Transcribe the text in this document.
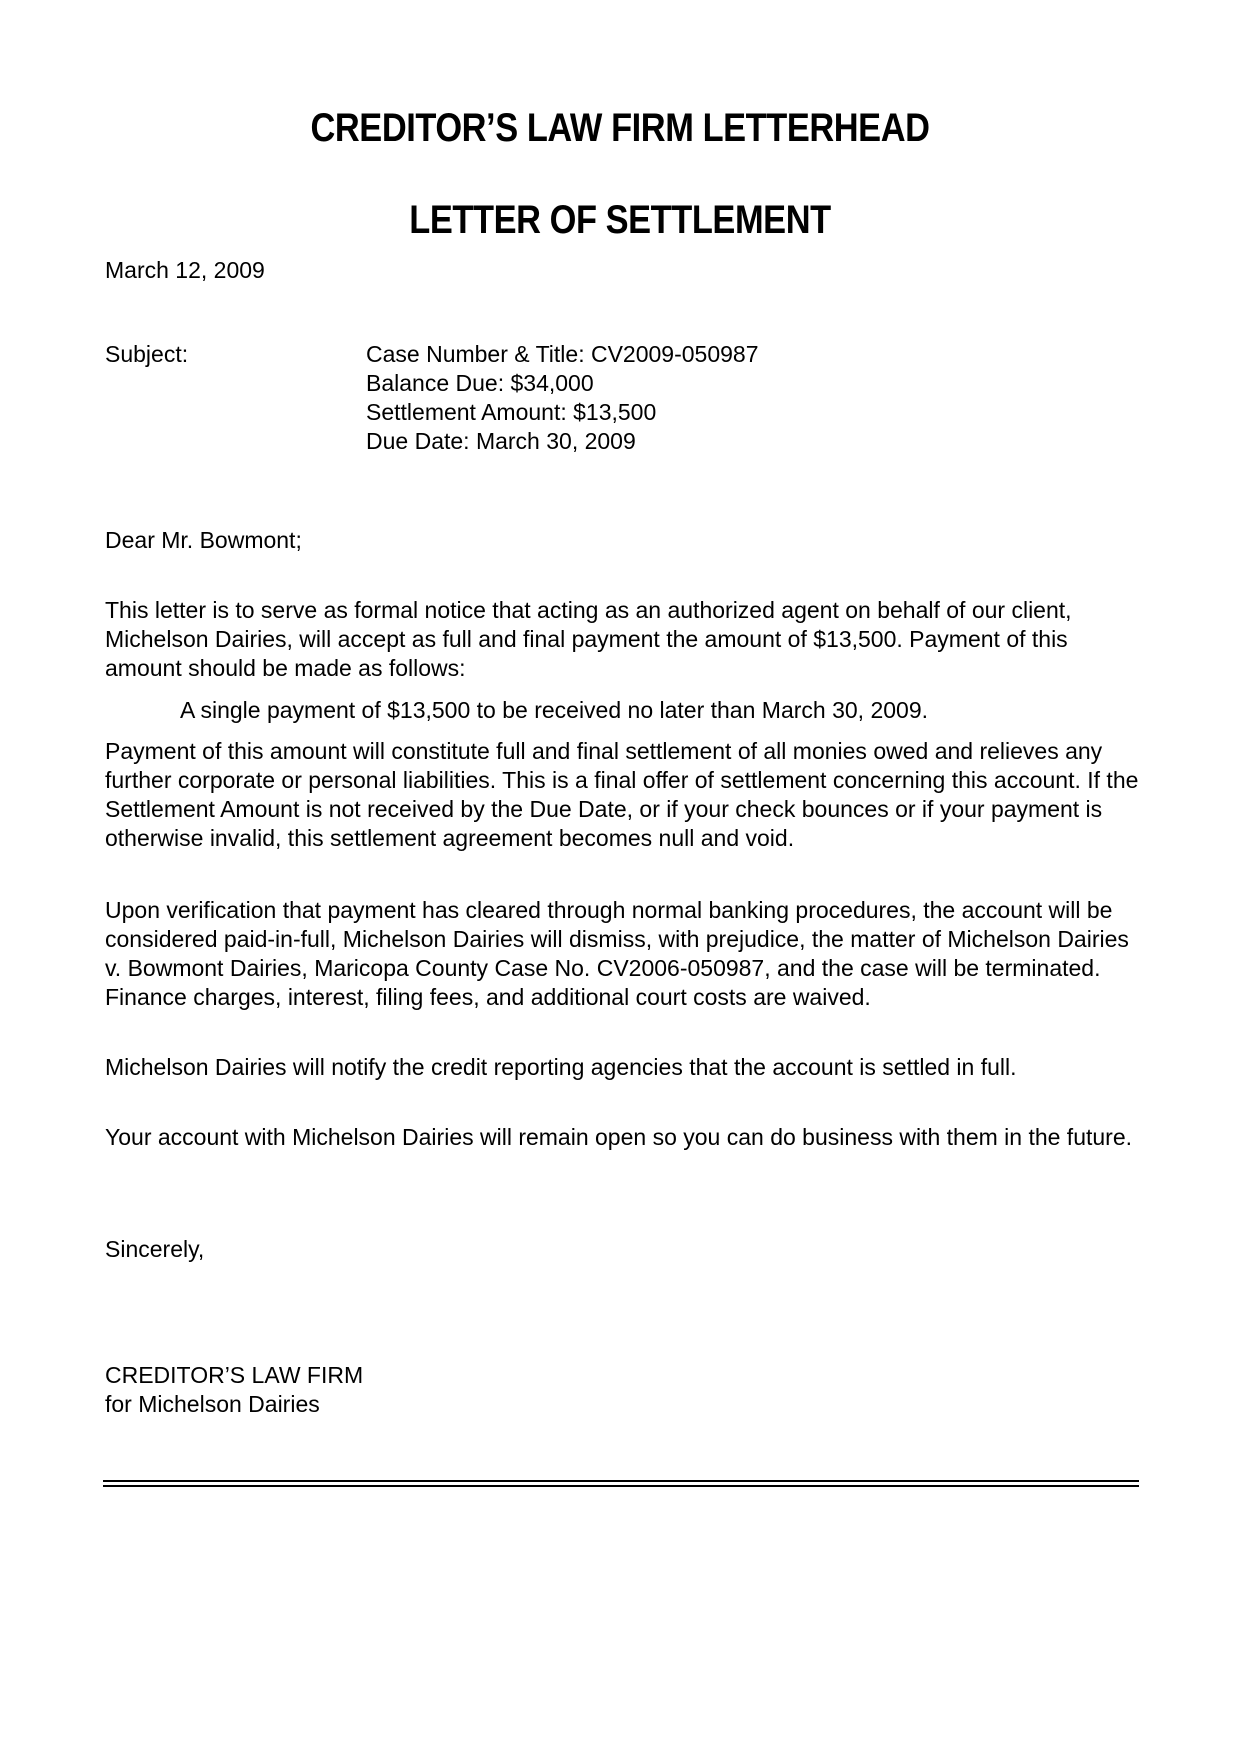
CREDITOR’S LAW FIRM LETTERHEAD
LETTER OF SETTLEMENT

March 12, 2009

Subject:	Case Number & Title: CV2009-050987
Balance Due: $34,000
Settlement Amount: $13,500
Due Date: March 30, 2009

Dear Mr. Bowmont;

This letter is to serve as formal notice that acting as an authorized agent on behalf of our client, Michelson Dairies, will accept as full and final payment the amount of $13,500. Payment of this amount should be made as follows:

A single payment of $13,500 to be received no later than March 30, 2009.

Payment of this amount will constitute full and final settlement of all monies owed and relieves any further corporate or personal liabilities. This is a final offer of settlement concerning this account. If the Settlement Amount is not received by the Due Date, or if your check bounces or if your payment is otherwise invalid, this settlement agreement becomes null and void.

Upon verification that payment has cleared through normal banking procedures, the account will be considered paid-in-full, Michelson Dairies will dismiss, with prejudice, the matter of Michelson Dairies v. Bowmont Dairies, Maricopa County Case No. CV2006-050987, and the case will be terminated. Finance charges, interest, filing fees, and additional court costs are waived.

Michelson Dairies will notify the credit reporting agencies that the account is settled in full.

Your account with Michelson Dairies will remain open so you can do business with them in the future.

Sincerely,

CREDITOR’S LAW FIRM

for Michelson Dairies
